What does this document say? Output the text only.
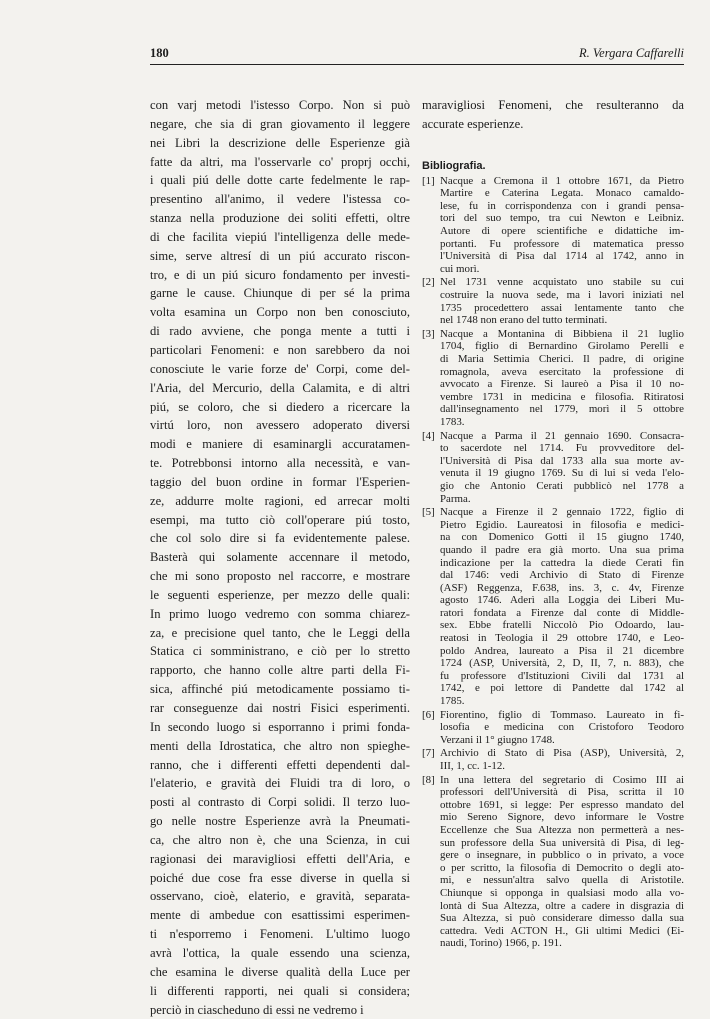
180	R. Vergara Caffarelli
con varj metodi l'istesso Corpo. Non si può
negare, che sia di gran giovamento il leggere
nei Libri la descrizione delle Esperienze già
fatte da altri, ma l'osservarle co' proprj occhi,
i quali piú delle dotte carte fedelmente le rap-
presentino all'animo, il vedere l'istessa co-
stanza nella produzione dei soliti effetti, oltre
di che facilita viepiú l'intelligenza delle mede-
sime, serve altresí di un piú accurato riscon-
tro, e di un piú sicuro fondamento per investi-
garne le cause. Chiunque di per sé la prima
volta esamina un Corpo non ben conosciuto,
di rado avviene, che ponga mente a tutti i
particolari Fenomeni: e non sarebbero da noi
conosciute le varie forze de' Corpi, come del-
l'Aria, del Mercurio, della Calamita, e di altri
piú, se coloro, che si diedero a ricercare la
virtú loro, non avessero adoperato diversi
modi e maniere di esaminargli accuratamen-
te. Potrebbonsi intorno alla necessità, e van-
taggio del buon ordine in formar l'Esperien-
ze, addurre molte ragioni, ed arrecar molti
esempi, ma tutto ciò coll'operare piú tosto,
che col solo dire si fa evidentemente palese.
Basterà qui solamente accennare il metodo,
che mi sono proposto nel raccorre, e mostrare
le seguenti esperienze, per mezzo delle quali:
In primo luogo vedremo con somma chiarez-
za, e precisione quel tanto, che le Leggi della
Statica ci somministrano, e ciò per lo stretto
rapporto, che hanno colle altre parti della Fi-
sica, affinché piú metodicamente possiamo ti-
rar conseguenze dai nostri Fisici esperimenti.
In secondo luogo si esporranno i primi fonda-
menti della Idrostatica, che altro non spieghe-
ranno, che i differenti effetti dependenti dal-
l'elaterio, e gravità dei Fluidi tra di loro, o
posti al contrasto di Corpi solidi. Il terzo luo-
go nelle nostre Esperienze avrà la Pneumati-
ca, che altro non è, che una Scienza, in cui
ragionasi dei maravigliosi effetti dell'Aria, e
poiché due cose fra esse diverse in quella si
osservano, cioè, elaterio, e gravità, separata-
mente di ambedue con esattissimi esperimen-
ti n'esporremo i Fenomeni. L'ultimo luogo
avrà l'ottica, la quale essendo una scienza,
che esamina le diverse qualità della Luce per
li differenti rapporti, nei quali si considera;
perciò in ciascheduno di essi ne vedremo i
maravigliosi Fenomeni, che resulteranno da
accurate esperienze.
Bibliografia.
[1] Nacque a Cremona il 1 ottobre 1671, da Pietro
Martire e Caterina Legata. Monaco camaldo-
lese, fu in corrispondenza con i grandi pensa-
tori del suo tempo, tra cui Newton e Leibniz.
Autore di opere scientifiche e didattiche im-
portanti. Fu professore di matematica presso
l'Università di Pisa dal 1714 al 1742, anno in
cui morì.
[2] Nel 1731 venne acquistato uno stabile su cui
costruire la nuova sede, ma i lavori iniziati nel
1735 procedettero assai lentamente tanto che
nel 1748 non erano del tutto terminati.
[3] Nacque a Montanina di Bibbiena il 21 luglio
1704, figlio di Bernardino Girolamo Perelli e
di Maria Settimia Cherici. Il padre, di origine
romagnola, aveva esercitato la professione di
avvocato a Firenze. Si laureò a Pisa il 10 no-
vembre 1731 in medicina e filosofia. Ritiratosi
dall'insegnamento nel 1779, morì il 5 ottobre
1783.
[4] Nacque a Parma il 21 gennaio 1690. Consacra-
to sacerdote nel 1714. Fu provveditore del-
l'Università di Pisa dal 1733 alla sua morte av-
venuta il 19 giugno 1769. Su di lui si veda l'elo-
gio che Antonio Cerati pubblicò nel 1778 a
Parma.
[5] Nacque a Firenze il 2 gennaio 1722, figlio di
Pietro Egidio. Laureatosi in filosofia e medici-
na con Domenico Gotti il 15 giugno 1740,
quando il padre era già morto. Una sua prima
indicazione per la cattedra la diede Cerati fin
dal 1746: vedi Archivio di Stato di Firenze
(ASF) Reggenza, F.638, ins. 3, c. 4v, Firenze
agosto 1746. Aderì alla Loggia dei Liberi Mu-
ratori fondata a Firenze dal conte di Middle-
sex. Ebbe fratelli Niccolò Pio Odoardo, lau-
reatosi in Teologia il 29 ottobre 1740, e Leo-
poldo Andrea, laureato a Pisa il 21 dicembre
1724 (ASP, Università, 2, D, II, 7, n. 883), che
fu professore d'Istituzioni Civili dal 1731 al
1742, e poi lettore di Pandette dal 1742 al
1785.
[6] Fiorentino, figlio di Tommaso. Laureato in fi-
losofia e medicina con Cristoforo Teodoro
Verzani il 1° giugno 1748.
[7] Archivio di Stato di Pisa (ASP), Università, 2,
III, 1, cc. 1-12.
[8] In una lettera del segretario di Cosimo III ai
professori dell'Università di Pisa, scritta il 10
ottobre 1691, si legge: Per espresso mandato del
mio Sereno Signore, devo informare le Vostre
Eccellenze che Sua Altezza non permetterà a nes-
sun professore della Sua università di Pisa, di leg-
gere o insegnare, in pubblico o in privato, a voce
o per scritto, la filosofia di Democrito o degli ato-
mi, e nessun'altra salvo quella di Aristotile.
Chiunque si opponga in qualsiasi modo alla vo-
lontà di Sua Altezza, oltre a cadere in disgrazia di
Sua Altezza, si può considerare dimesso dalla sua
cattedra. Vedi ACTON H., Gli ultimi Medici (Ei-
naudi, Torino) 1966, p. 191.
